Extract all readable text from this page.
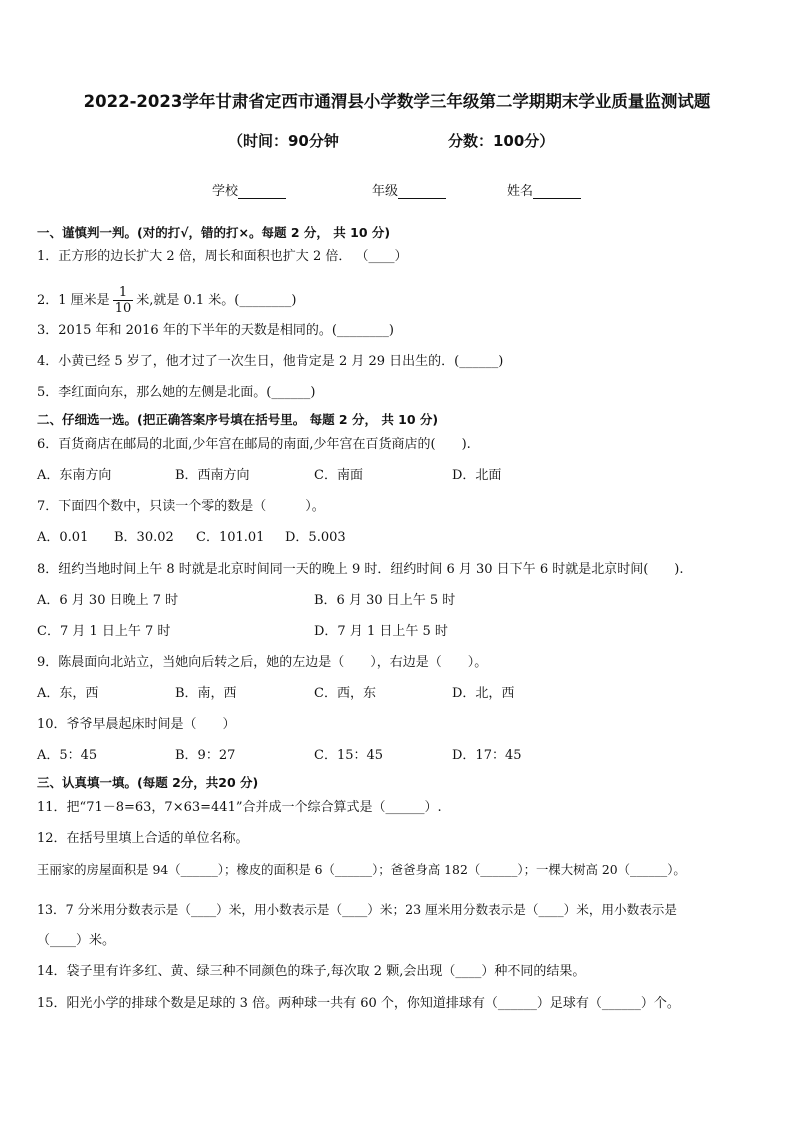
2022-2023学年甘肃省定西市通渭县小学数学三年级第二学期期末学业质量监测试题
（时间：90分钟	分数：100分）
学校	年级	姓名
一、谨慎判一判。(对的打√，错的打×。每题 2 分， 共 10 分)
1．正方形的边长扩大 2 倍，周长和面积也扩大 2 倍． （____）
2．1 厘米是 $\frac{1}{10}$ 米,就是 0.1 米。(________)
3．2015 年和 2016 年的下半年的天数是相同的。(________)
4．小黄已经 5 岁了，他才过了一次生日，他肯定是 2 月 29 日出生的．(______)
5．李红面向东，那么她的左侧是北面。(______)
二、仔细选一选。(把正确答案序号填在括号里。 每题 2 分， 共 10 分)
6．百货商店在邮局的北面,少年宫在邮局的南面,少年宫在百货商店的(　　).
A．东南方向	B．西南方向	C．南面	D．北面
7．下面四个数中，只读一个零的数是（　　　）。
A．0.01 B．30.02 C．101.01 D．5.003
8．纽约当地时间上午 8 时就是北京时间同一天的晚上 9 时．纽约时间 6 月 30 日下午 6 时就是北京时间(　　).
A．6 月 30 日晚上 7 时	B．6 月 30 日上午 5 时
C．7 月 1 日上午 7 时	D．7 月 1 日上午 5 时
9．陈晨面向北站立，当她向后转之后，她的左边是（　　），右边是（　　）。
A．东，西	B．南，西	C．西，东	D．北，西
10．爷爷早晨起床时间是（　　）
A．5：45	B．9：27	C．15：45	D．17：45
三、认真填一填。(每题 2分，共20 分)
11．把“71－8=63，7×63=441”合并成一个综合算式是（______）.
12．在括号里填上合适的单位名称。
王丽家的房屋面积是 94（______）；橡皮的面积是 6（______）；爸爸身高 182（______）；一棵大树高 20（______）。
13．7 分米用分数表示是（____）米，用小数表示是（____）米；23 厘米用分数表示是（____）米，用小数表示是
（____）米。
14．袋子里有许多红、黄、绿三种不同颜色的珠子,每次取 2 颗,会出现（____）种不同的结果。
15．阳光小学的排球个数是足球的 3 倍。两种球一共有 60 个，你知道排球有（______）足球有（______）个。
